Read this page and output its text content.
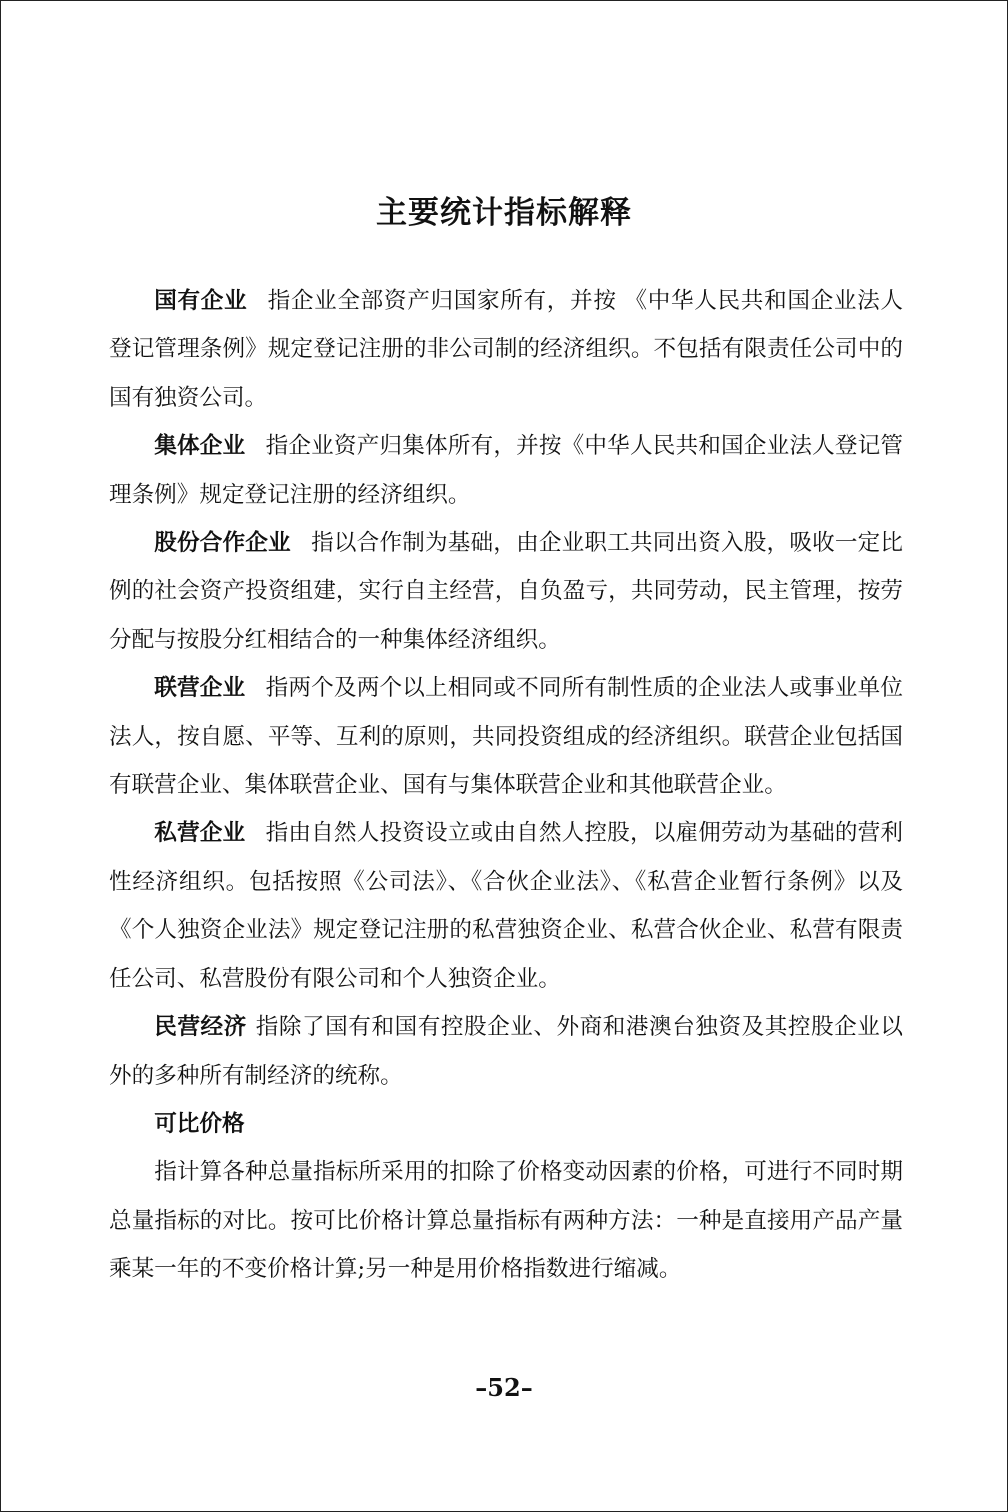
主要统计指标解释

国有企业 指企业全部资产归国家所有，并按 《中华人民共和国企业法人登记管理条例》规定登记注册的非公司制的经济组织。不包括有限责任公司中的国有独资公司。

集体企业 指企业资产归集体所有，并按《中华人民共和国企业法人登记管理条例》规定登记注册的经济组织。

股份合作企业 指以合作制为基础，由企业职工共同出资入股，吸收一定比例的社会资产投资组建，实行自主经营，自负盈亏，共同劳动，民主管理，按劳分配与按股分红相结合的一种集体经济组织。

联营企业 指两个及两个以上相同或不同所有制性质的企业法人或事业单位法人，按自愿、平等、互利的原则，共同投资组成的经济组织。联营企业包括国有联营企业、集体联营企业、国有与集体联营企业和其他联营企业。

私营企业 指由自然人投资设立或由自然人控股，以雇佣劳动为基础的营利性经济组织。包括按照《公司法》、《合伙企业法》、《私营企业暂行条例》以及《个人独资企业法》规定登记注册的私营独资企业、私营合伙企业、私营有限责任公司、私营股份有限公司和个人独资企业。

民营经济 指除了国有和国有控股企业、外商和港澳台独资及其控股企业以外的多种所有制经济的统称。

可比价格

指计算各种总量指标所采用的扣除了价格变动因素的价格，可进行不同时期总量指标的对比。按可比价格计算总量指标有两种方法：一种是直接用产品产量乘某一年的不变价格计算;另一种是用价格指数进行缩减。

–52–
